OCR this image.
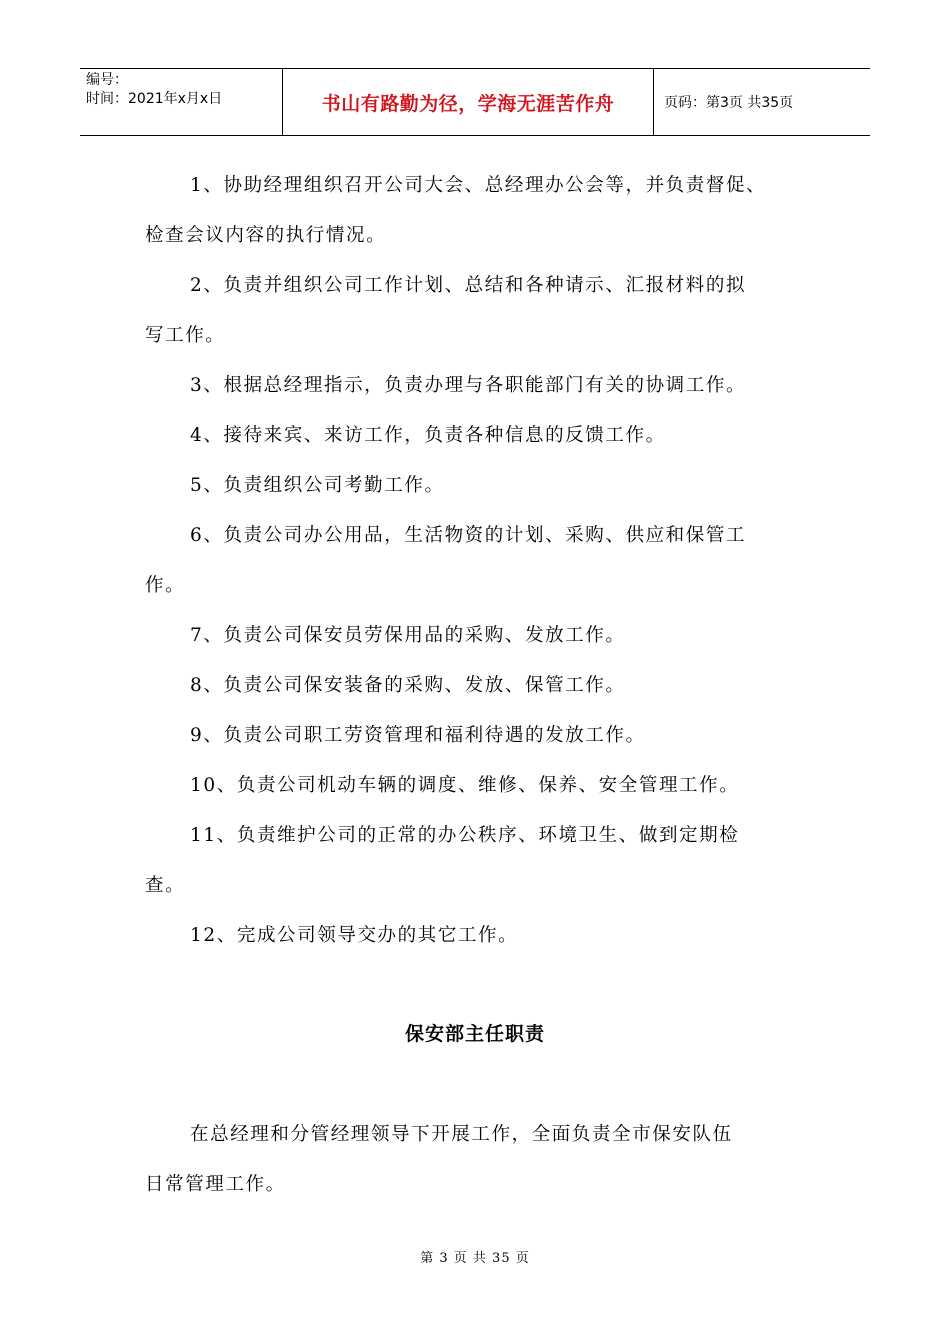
编号：
时间：2021年x月x日	书山有路勤为径，学海无涯苦作舟	页码：第3页 共35页
1、协助经理组织召开公司大会、总经理办公会等，并负责督促、
检查会议内容的执行情况。
2、负责并组织公司工作计划、总结和各种请示、汇报材料的拟
写工作。
3、根据总经理指示，负责办理与各职能部门有关的协调工作。
4、接待来宾、来访工作，负责各种信息的反馈工作。
5、负责组织公司考勤工作。
6、负责公司办公用品，生活物资的计划、采购、供应和保管工
作。
7、负责公司保安员劳保用品的采购、发放工作。
8、负责公司保安装备的采购、发放、保管工作。
9、负责公司职工劳资管理和福利待遇的发放工作。
10、负责公司机动车辆的调度、维修、保养、安全管理工作。
11、负责维护公司的正常的办公秩序、环境卫生、做到定期检
查。
12、完成公司领导交办的其它工作。
保安部主任职责
在总经理和分管经理领导下开展工作，全面负责全市保安队伍
日常管理工作。
第 3 页 共 35 页
